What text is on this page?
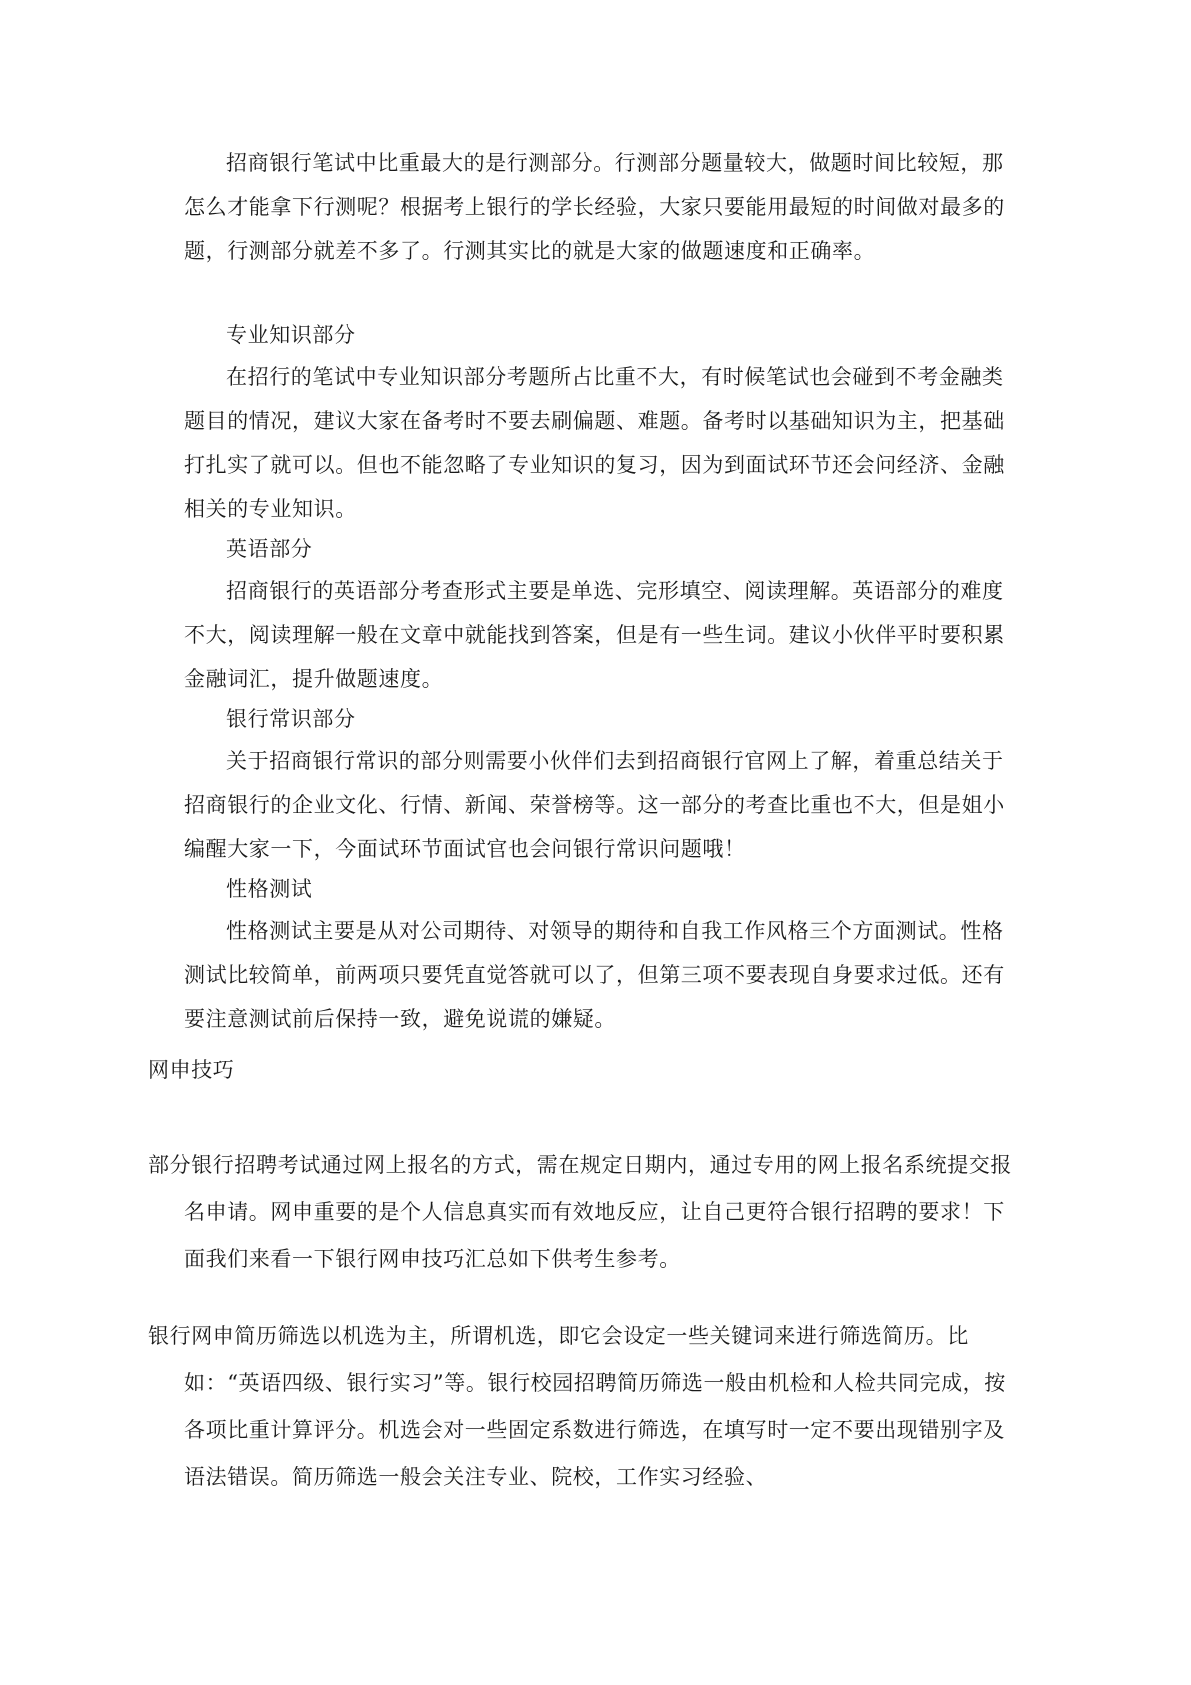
招商银行笔试中比重最大的是行测部分。行测部分题量较大，做题时间比较短，那怎么才能拿下行测呢？根据考上银行的学长经验，大家只要能用最短的时间做对最多的题，行测部分就差不多了。行测其实比的就是大家的做题速度和正确率。

专业知识部分

在招行的笔试中专业知识部分考题所占比重不大，有时候笔试也会碰到不考金融类题目的情况，建议大家在备考时不要去刷偏题、难题。备考时以基础知识为主，把基础打扎实了就可以。但也不能忽略了专业知识的复习，因为到面试环节还会问经济、金融相关的专业知识。

英语部分

招商银行的英语部分考查形式主要是单选、完形填空、阅读理解。英语部分的难度不大，阅读理解一般在文章中就能找到答案，但是有一些生词。建议小伙伴平时要积累金融词汇，提升做题速度。

银行常识部分

关于招商银行常识的部分则需要小伙伴们去到招商银行官网上了解，着重总结关于招商银行的企业文化、行情、新闻、荣誉榜等。这一部分的考查比重也不大，但是姐小编醒大家一下，今面试环节面试官也会问银行常识问题哦！

性格测试

性格测试主要是从对公司期待、对领导的期待和自我工作风格三个方面测试。性格测试比较简单，前两项只要凭直觉答就可以了，但第三项不要表现自身要求过低。还有要注意测试前后保持一致，避免说谎的嫌疑。

网申技巧

部分银行招聘考试通过网上报名的方式，需在规定日期内，通过专用的网上报名系统提交报名申请。网申重要的是个人信息真实而有效地反应，让自己更符合银行招聘的要求！下面我们来看一下银行网申技巧汇总如下供考生参考。

银行网申简历筛选以机选为主，所谓机选，即它会设定一些关键词来进行筛选简历。比如：“英语四级、银行实习”等。银行校园招聘简历筛选一般由机检和人检共同完成，按各项比重计算评分。机选会对一些固定系数进行筛选，在填写时一定不要出现错别字及语法错误。简历筛选一般会关注专业、院校，工作实习经验、
